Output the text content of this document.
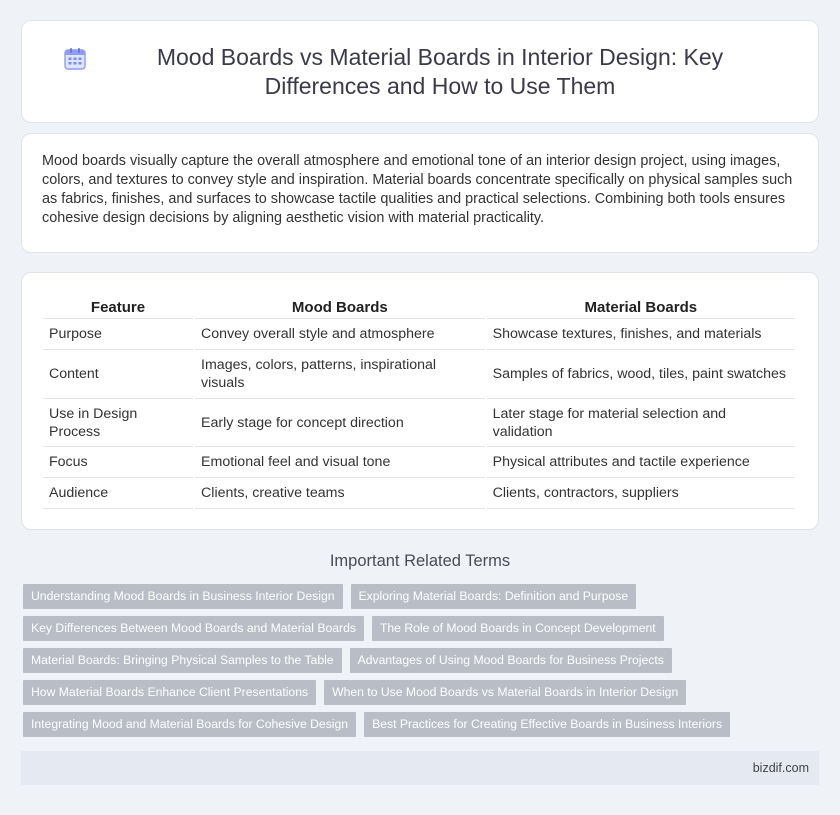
Mood Boards vs Material Boards in Interior Design: Key Differences and How to Use Them

Mood boards visually capture the overall atmosphere and emotional tone of an interior design project, using images, colors, and textures to convey style and inspiration. Material boards concentrate specifically on physical samples such as fabrics, finishes, and surfaces to showcase tactile qualities and practical selections. Combining both tools ensures cohesive design decisions by aligning aesthetic vision with material practicality.

Feature	Mood Boards	Material Boards
Purpose	Convey overall style and atmosphere	Showcase textures, finishes, and materials
Content	Images, colors, patterns, inspirational visuals	Samples of fabrics, wood, tiles, paint swatches
Use in Design Process	Early stage for concept direction	Later stage for material selection and validation
Focus	Emotional feel and visual tone	Physical attributes and tactile experience
Audience	Clients, creative teams	Clients, contractors, suppliers
Important Related Terms
Understanding Mood Boards in Business Interior Design	Exploring Material Boards: Definition and Purpose
Key Differences Between Mood Boards and Material Boards	The Role of Mood Boards in Concept Development
Material Boards: Bringing Physical Samples to the Table	Advantages of Using Mood Boards for Business Projects
How Material Boards Enhance Client Presentations	When to Use Mood Boards vs Material Boards in Interior Design
Integrating Mood and Material Boards for Cohesive Design	Best Practices for Creating Effective Boards in Business Interiors
bizdif.com
